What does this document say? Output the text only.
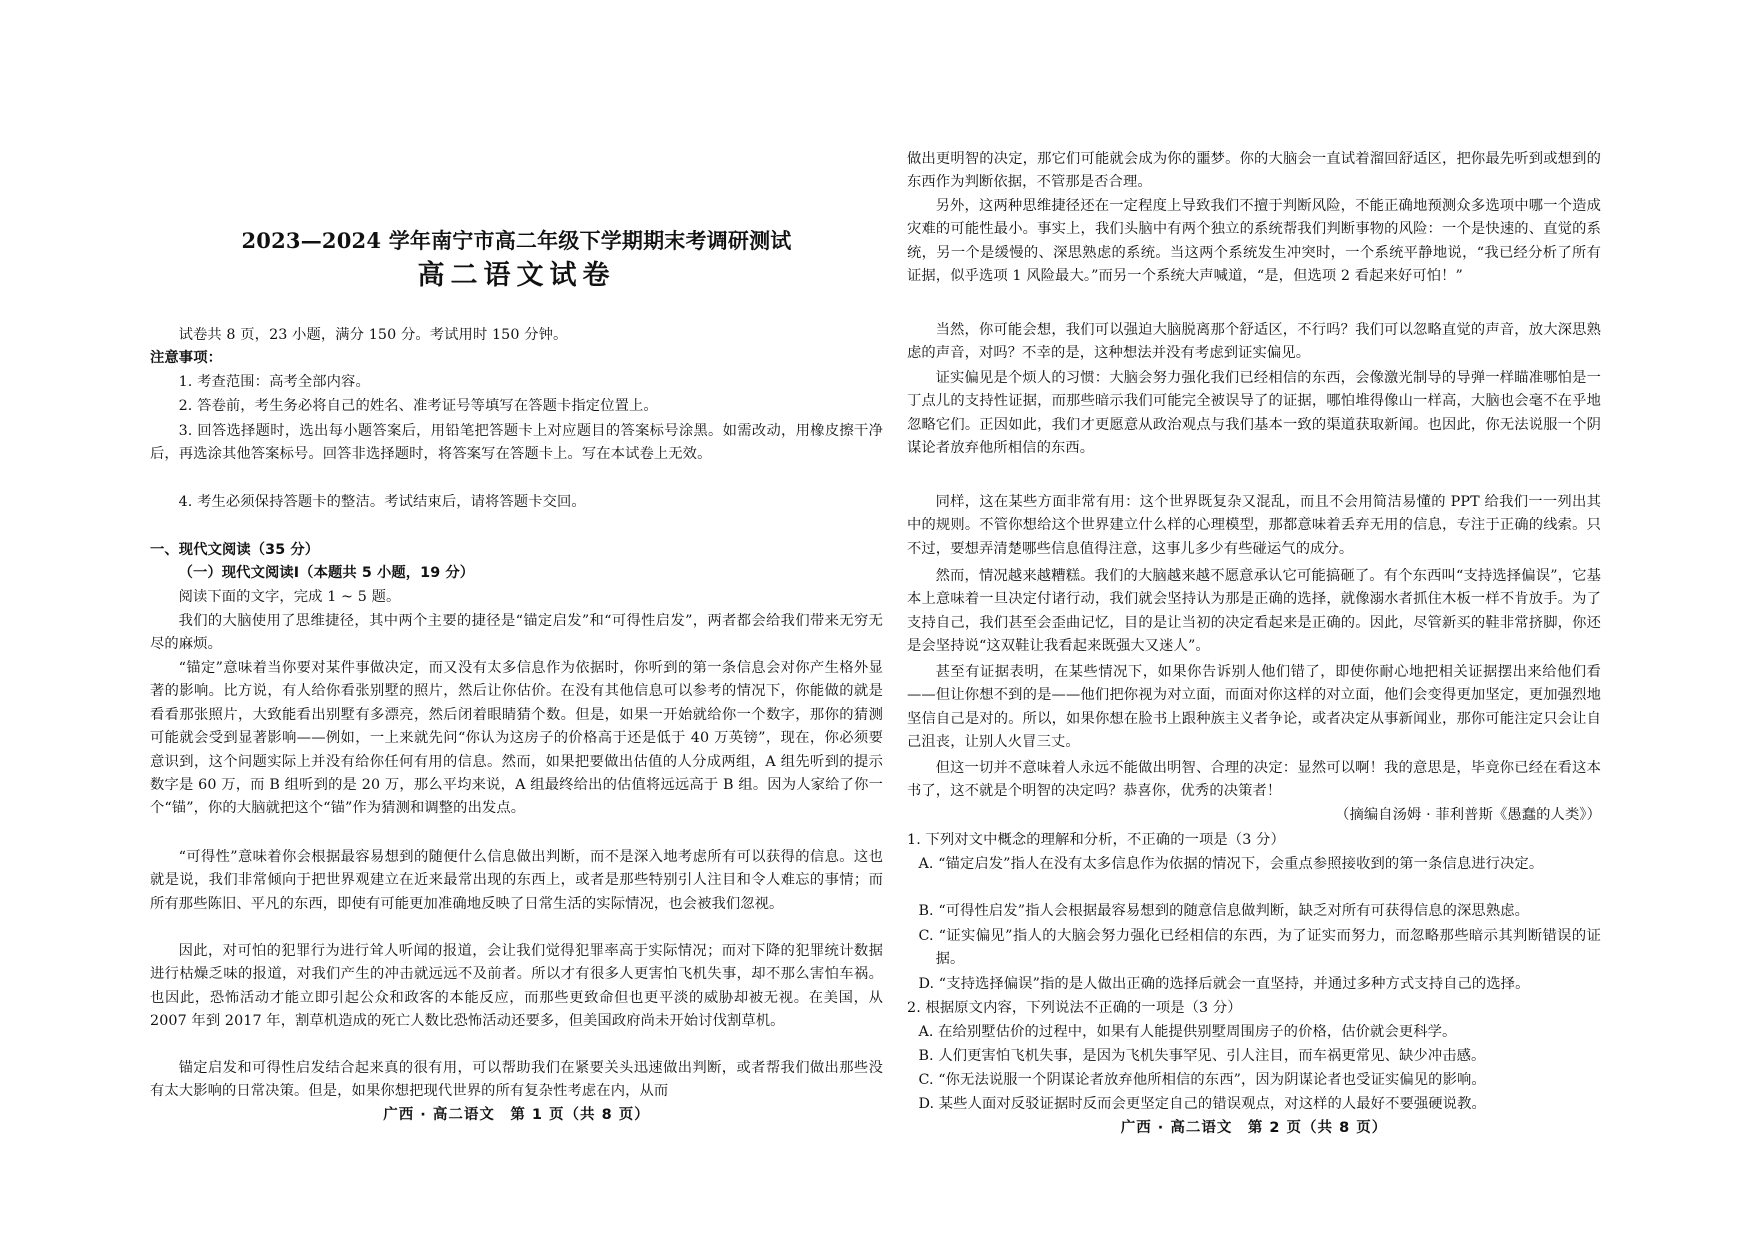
2023—2024 学年南宁市高二年级下学期期末考调研测试
高二语文试卷

试卷共 8 页，23 小题，满分 150 分。考试用时 150 分钟。

注意事项：

1. 考查范围：高考全部内容。

2. 答卷前，考生务必将自己的姓名、准考证号等填写在答题卡指定位置上。

3. 回答选择题时，选出每小题答案后，用铅笔把答题卡上对应题目的答案标号涂黑。如需改动，用橡皮擦干净后，再选涂其他答案标号。回答非选择题时，将答案写在答题卡上。写在本试卷上无效。

4. 考生必须保持答题卡的整洁。考试结束后，请将答题卡交回。

一、现代文阅读（35 分）

（一）现代文阅读Ⅰ（本题共 5 小题，19 分）

阅读下面的文字，完成 1 ~ 5 题。

我们的大脑使用了思维捷径，其中两个主要的捷径是“锚定启发”和“可得性启发”，两者都会给我们带来无穷无尽的麻烦。

“锚定”意味着当你要对某件事做决定，而又没有太多信息作为依据时，你听到的第一条信息会对你产生格外显著的影响。比方说，有人给你看张别墅的照片，然后让你估价。在没有其他信息可以参考的情况下，你能做的就是看看那张照片，大致能看出别墅有多漂亮，然后闭着眼睛猜个数。但是，如果一开始就给你一个数字，那你的猜测可能就会受到显著影响——例如，一上来就先问“你认为这房子的价格高于还是低于 40 万英镑”，现在，你必须要意识到，这个问题实际上并没有给你任何有用的信息。然而，如果把要做出估值的人分成两组，A 组先听到的提示数字是 60 万，而 B 组听到的是 20 万，那么平均来说，A 组最终给出的估值将远远高于 B 组。因为人家给了你一个“锚”，你的大脑就把这个“锚”作为猜测和调整的出发点。

“可得性”意味着你会根据最容易想到的随便什么信息做出判断，而不是深入地考虑所有可以获得的信息。这也就是说，我们非常倾向于把世界观建立在近来最常出现的东西上，或者是那些特别引人注目和令人难忘的事情；而所有那些陈旧、平凡的东西，即使有可能更加准确地反映了日常生活的实际情况，也会被我们忽视。

因此，对可怕的犯罪行为进行耸人听闻的报道，会让我们觉得犯罪率高于实际情况；而对下降的犯罪统计数据进行枯燥乏味的报道，对我们产生的冲击就远远不及前者。所以才有很多人更害怕飞机失事，却不那么害怕车祸。也因此，恐怖活动才能立即引起公众和政客的本能反应，而那些更致命但也更平淡的威胁却被无视。在美国，从 2007 年到 2017 年，割草机造成的死亡人数比恐怖活动还要多，但美国政府尚未开始讨伐割草机。

锚定启发和可得性启发结合起来真的很有用，可以帮助我们在紧要关头迅速做出判断，或者帮我们做出那些没有太大影响的日常决策。但是，如果你想把现代世界的所有复杂性考虑在内，从而

广西 · 高二语文　第 1 页（共 8 页）

做出更明智的决定，那它们可能就会成为你的噩梦。你的大脑会一直试着溜回舒适区，把你最先听到或想到的东西作为判断依据，不管那是否合理。

另外，这两种思维捷径还在一定程度上导致我们不擅于判断风险，不能正确地预测众多选项中哪一个造成灾难的可能性最小。事实上，我们头脑中有两个独立的系统帮我们判断事物的风险：一个是快速的、直觉的系统，另一个是缓慢的、深思熟虑的系统。当这两个系统发生冲突时，一个系统平静地说，“我已经分析了所有证据，似乎选项 1 风险最大。”而另一个系统大声喊道，“是，但选项 2 看起来好可怕！”

当然，你可能会想，我们可以强迫大脑脱离那个舒适区，不行吗？我们可以忽略直觉的声音，放大深思熟虑的声音，对吗？不幸的是，这种想法并没有考虑到证实偏见。

证实偏见是个烦人的习惯：大脑会努力强化我们已经相信的东西，会像激光制导的导弹一样瞄准哪怕是一丁点儿的支持性证据，而那些暗示我们可能完全被误导了的证据，哪怕堆得像山一样高，大脑也会毫不在乎地忽略它们。正因如此，我们才更愿意从政治观点与我们基本一致的渠道获取新闻。也因此，你无法说服一个阴谋论者放弃他所相信的东西。

同样，这在某些方面非常有用：这个世界既复杂又混乱，而且不会用简洁易懂的 PPT 给我们一一列出其中的规则。不管你想给这个世界建立什么样的心理模型，那都意味着丢弃无用的信息，专注于正确的线索。只不过，要想弄清楚哪些信息值得注意，这事儿多少有些碰运气的成分。

然而，情况越来越糟糕。我们的大脑越来越不愿意承认它可能搞砸了。有个东西叫“支持选择偏误”，它基本上意味着一旦决定付诸行动，我们就会坚持认为那是正确的选择，就像溺水者抓住木板一样不肯放手。为了支持自己，我们甚至会歪曲记忆，目的是让当初的决定看起来是正确的。因此，尽管新买的鞋非常挤脚，你还是会坚持说“这双鞋让我看起来既强大又迷人”。

甚至有证据表明，在某些情况下，如果你告诉别人他们错了，即使你耐心地把相关证据摆出来给他们看——但让你想不到的是——他们把你视为对立面，而面对你这样的对立面，他们会变得更加坚定，更加强烈地坚信自己是对的。所以，如果你想在脸书上跟种族主义者争论，或者决定从事新闻业，那你可能注定只会让自己沮丧，让别人火冒三丈。

但这一切并不意味着人永远不能做出明智、合理的决定：显然可以啊！我的意思是，毕竟你已经在看这本书了，这不就是个明智的决定吗？恭喜你，优秀的决策者！

（摘编自汤姆 · 菲利普斯《愚蠢的人类》）

1. 下列对文中概念的理解和分析，不正确的一项是（3 分）

A. “锚定启发”指人在没有太多信息作为依据的情况下，会重点参照接收到的第一条信息进行决定。

B. “可得性启发”指人会根据最容易想到的随意信息做判断，缺乏对所有可获得信息的深思熟虑。

C. “证实偏见”指人的大脑会努力强化已经相信的东西，为了证实而努力，而忽略那些暗示其判断错误的证据。

D. “支持选择偏误”指的是人做出正确的选择后就会一直坚持，并通过多种方式支持自己的选择。

2. 根据原文内容，下列说法不正确的一项是（3 分）

A. 在给别墅估价的过程中，如果有人能提供别墅周围房子的价格，估价就会更科学。

B. 人们更害怕飞机失事，是因为飞机失事罕见、引人注目，而车祸更常见、缺少冲击感。

C. “你无法说服一个阴谋论者放弃他所相信的东西”，因为阴谋论者也受证实偏见的影响。

D. 某些人面对反驳证据时反而会更坚定自己的错误观点，对这样的人最好不要强硬说教。

广西 · 高二语文　第 2 页（共 8 页）
